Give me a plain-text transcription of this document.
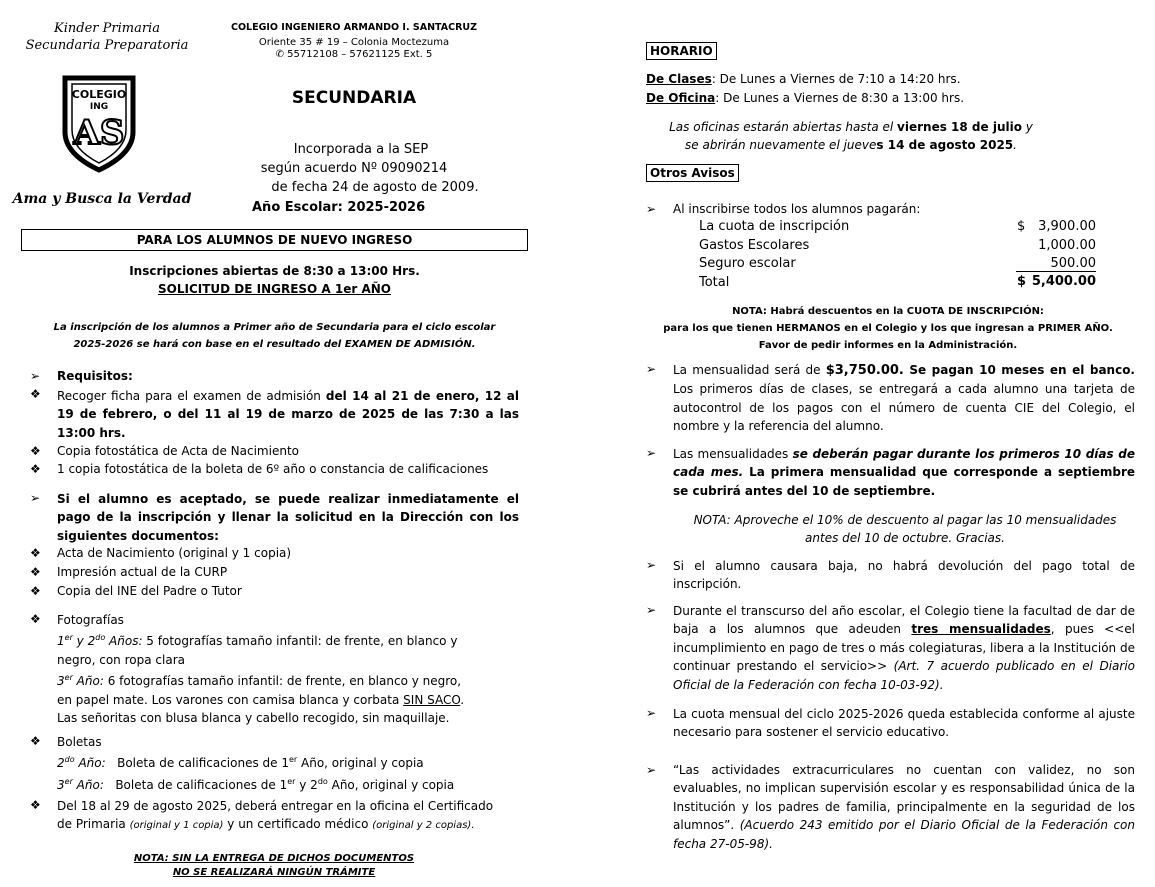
Kinder Primaria
Secundaria Preparatoria
COLEGIO
ING
AS
Ama y Busca la Verdad
COLEGIO INGENIERO ARMANDO I. SANTACRUZ
Oriente 35 # 19 – Colonia Moctezuma
✆ 55712108 – 57621125 Ext. 5
SECUNDARIA
Incorporada a la SEP
según acuerdo Nº 09090214
de fecha 24 de agosto de 2009.
Año Escolar: 2025-2026
PARA LOS ALUMNOS DE NUEVO INGRESO
Inscripciones abiertas de 8:30 a 13:00 Hrs.
SOLICITUD DE INGRESO A 1er AÑO
La inscripción de los alumnos a Primer año de Secundaria para el ciclo escolar
2025-2026 se hará con base en el resultado del EXAMEN DE ADMISIÓN.
➢ Requisitos:
❖ Recoger ficha para el examen de admisión del 14 al 21 de enero, 12 al 19 de febrero, o del 11 al 19 de marzo de 2025 de las 7:30 a las 13:00 hrs.
❖ Copia fotostática de Acta de Nacimiento
❖ 1 copia fotostática de la boleta de 6º año o constancia de calificaciones
➢ Si el alumno es aceptado, se puede realizar inmediatamente el pago de la inscripción y llenar la solicitud en la Dirección con los siguientes documentos:
❖ Acta de Nacimiento (original y 1 copia)
❖ Impresión actual de la CURP
❖ Copia del INE del Padre o Tutor
❖ Fotografías
1er y $2^{do}$ Años: 5 fotografías tamaño infantil: de frente, en blanco y
negro, con ropa clara
3er Año: 6 fotografías tamaño infantil: de frente, en blanco y negro,
en papel mate. Los varones con camisa blanca y corbata SIN SACO.
Las señoritas con blusa blanca y cabello recogido, sin maquillaje.
❖ Boletas
$2^{do}$ Año: Boleta de calificaciones de 1er Año, original y copia
3er Año: Boleta de calificaciones de 1er y $2^{do}$ Año, original y copia
❖ Del 18 al 29 de agosto 2025, deberá entregar en la oficina el Certificado
de Primaria (original y 1 copia) y un certificado médico (original y 2 copias).
NOTA: SIN LA ENTREGA DE DICHOS DOCUMENTOS
NO SE REALIZARÁ NINGÚN TRÁMITE
HORARIO
De Clases: De Lunes a Viernes de 7:10 a 14:20 hrs.
De Oficina: De Lunes a Viernes de 8:30 a 13:00 hrs.
Las oficinas estarán abiertas hasta el viernes 18 de julio y
se abrirán nuevamente el jueves 14 de agosto 2025.
Otros Avisos
➢ Al inscribirse todos los alumnos pagarán:
La cuota de inscripción	$ 3,900.00
Gastos Escolares	1,000.00
Seguro escolar	500.00
Total	$ 5,400.00
NOTA: Habrá descuentos en la CUOTA DE INSCRIPCIÓN:
para los que tienen HERMANOS en el Colegio y los que ingresan a PRIMER AÑO.
Favor de pedir informes en la Administración.
➢ La mensualidad será de $3,750.00. Se pagan 10 meses en el banco. Los primeros días de clases, se entregará a cada alumno una tarjeta de autocontrol de los pagos con el número de cuenta CIE del Colegio, el nombre y la referencia del alumno.
➢ Las mensualidades se deberán pagar durante los primeros 10 días de cada mes. La primera mensualidad que corresponde a septiembre se cubrirá antes del 10 de septiembre.
NOTA: Aproveche el 10% de descuento al pagar las 10 mensualidades
antes del 10 de octubre. Gracias.
➢ Si el alumno causara baja, no habrá devolución del pago total de inscripción.
➢ Durante el transcurso del año escolar, el Colegio tiene la facultad de dar de baja a los alumnos que adeuden tres mensualidades, pues <<el incumplimiento en pago de tres o más colegiaturas, libera a la Institución de continuar prestando el servicio>> (Art. 7 acuerdo publicado en el Diario Oficial de la Federación con fecha 10-03-92).
➢ La cuota mensual del ciclo 2025-2026 queda establecida conforme al ajuste necesario para sostener el servicio educativo.
➢ “Las actividades extracurriculares no cuentan con validez, no son evaluables, no implican supervisión escolar y es responsabilidad única de la Institución y los padres de familia, principalmente en la seguridad de los alumnos”. (Acuerdo 243 emitido por el Diario Oficial de la Federación con fecha 27-05-98).
